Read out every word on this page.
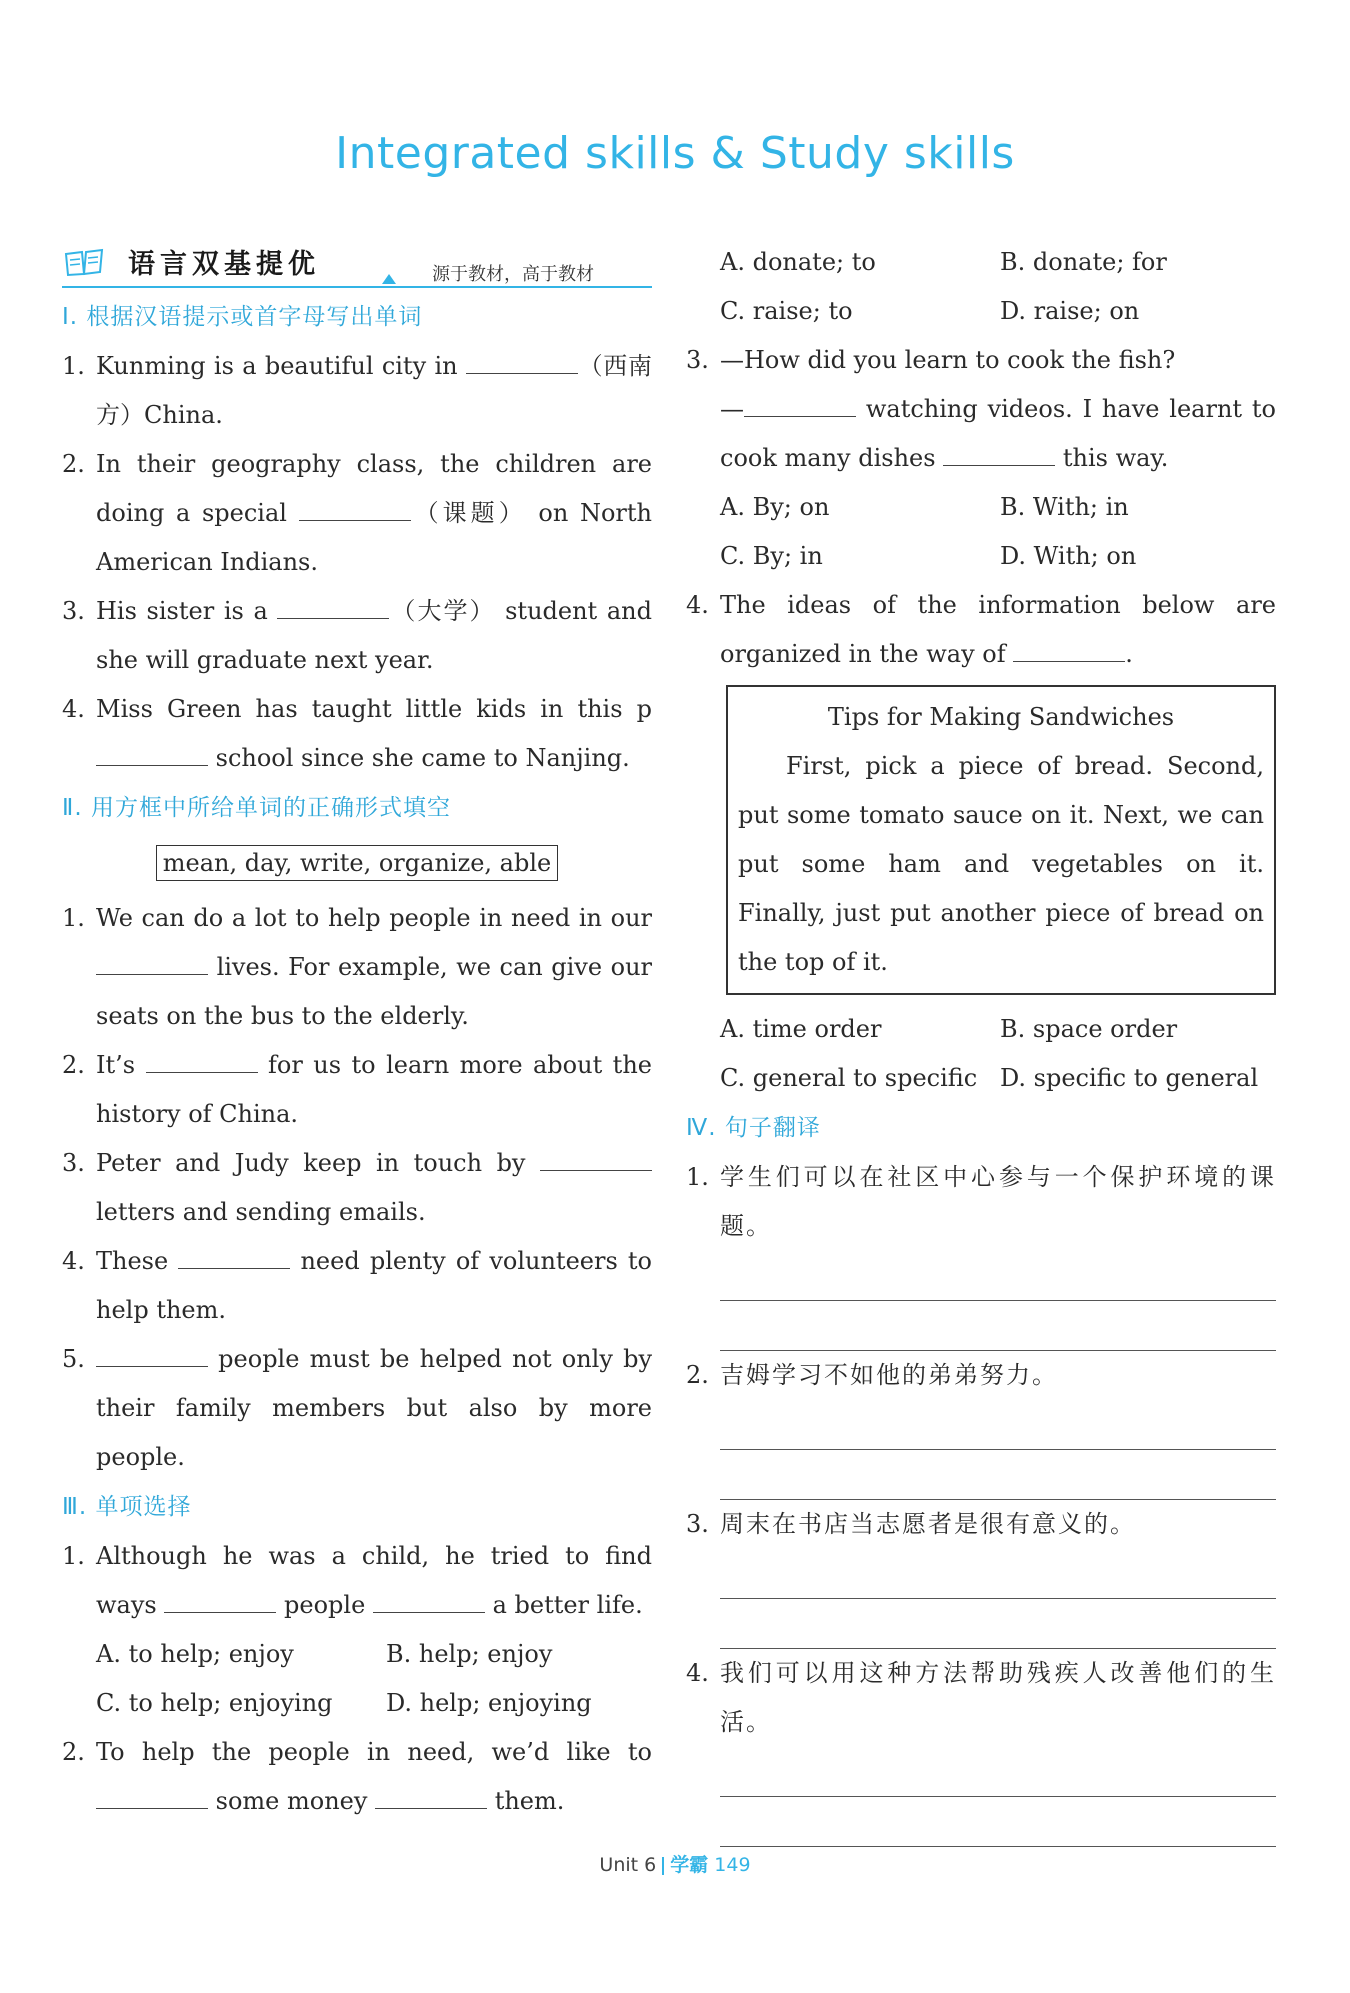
Integrated skills & Study skills
语言双基提优	源于教材，高于教材
Ⅰ. 根据汉语提示或首字母写出单词
1. Kunming is a beautiful city in	（西南方）China.
2. In their geography class, the children are doing a special	（课题） on North American Indians.
3. His sister is a	（大学） student and she will graduate next year.
4. Miss Green has taught little kids in this p school since she came to Nanjing.
Ⅱ. 用方框中所给单词的正确形式填空
mean, day, write, organize, able
1. We can do a lot to help people in need in our  lives. For example, we can give our seats on the bus to the elderly.
2. It’s	for us to learn more about the history of China.
3. Peter and Judy keep in touch by  letters and sending emails.
4. These	need plenty of volunteers to help them.
5.	people must be helped not only by their family members but also by more people.
Ⅲ. 单项选择
1. Although he was a child, he tried to find ways	people	a better life.
A. to help; enjoy	B. help; enjoy
C. to help; enjoying	D. help; enjoying
2. To help the people in need, we’d like to  some money	them.
A. donate; to	B. donate; for
C. raise; to	D. raise; on
3. —How did you learn to cook the fish?
—	watching videos. I have learnt to cook many dishes	this way.
A. By; on	B. With; in
C. By; in	D. With; on
4. The ideas of the information below are organized in the way of	.
Tips for Making Sandwiches
First, pick a piece of bread. Second, put some tomato sauce on it. Next, we can put some ham and vegetables on it. Finally, just put another piece of bread on the top of it.
A. time order	B. space order
C. general to specific D. specific to general
Ⅳ. 句子翻译
1. 学生们可以在社区中心参与一个保护环境的课题。
2. 吉姆学习不如他的弟弟努力。
3. 周末在书店当志愿者是很有意义的。
4. 我们可以用这种方法帮助残疾人改善他们的生活。
Unit 6 学霸 149
